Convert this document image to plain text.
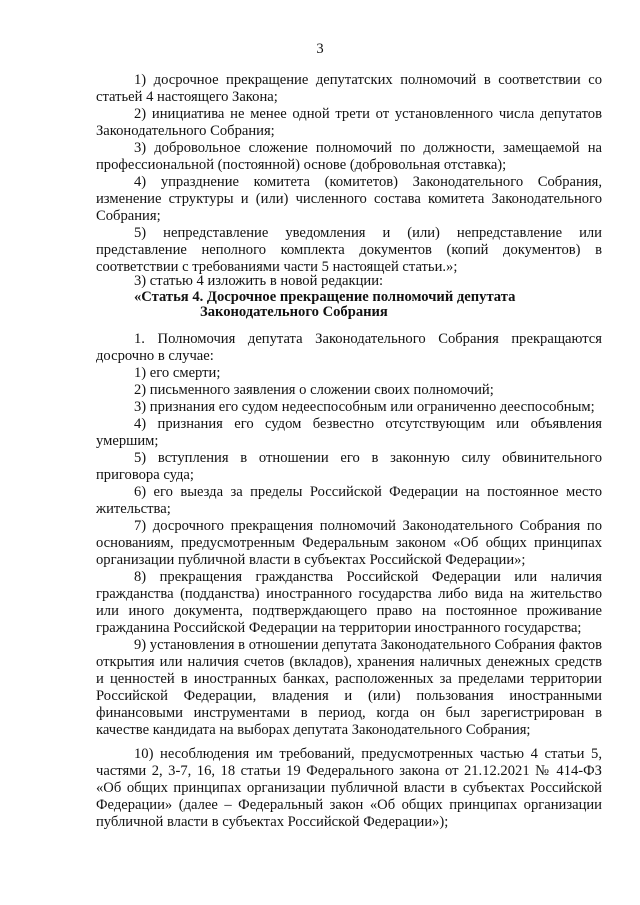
3

1) досрочное прекращение депутатских полномочий в соответствии со статьей 4 настоящего Закона;

2) инициатива не менее одной трети от установленного числа депутатов Законодательного Собрания;

3) добровольное сложение полномочий по должности, замещаемой на профессиональной (постоянной) основе (добровольная отставка);

4) упразднение комитета (комитетов) Законодательного Собрания, изменение структуры и (или) численного состава комитета Законодательного Собрания;

5) непредставление уведомления и (или) непредставление или представление неполного комплекта документов (копий документов) в соответствии с требованиями части 5 настоящей статьи.»;

3) статью 4 изложить в новой редакции:

«Статья 4. Досрочное прекращение полномочий депутата
Законодательного Собрания

1. Полномочия депутата Законодательного Собрания прекращаются досрочно в случае:

1) его смерти;

2) письменного заявления о сложении своих полномочий;

3) признания его судом недееспособным или ограниченно дееспособным;

4) признания его судом безвестно отсутствующим или объявления умершим;

5) вступления в отношении его в законную силу обвинительного приговора суда;

6) его выезда за пределы Российской Федерации на постоянное место жительства;

7) досрочного прекращения полномочий Законодательного Собрания по основаниям, предусмотренным Федеральным законом «Об общих принципах организации публичной власти в субъектах Российской Федерации»;

8) прекращения гражданства Российской Федерации или наличия гражданства (подданства) иностранного государства либо вида на жительство или иного документа, подтверждающего право на постоянное проживание гражданина Российской Федерации на территории иностранного государства;

9) установления в отношении депутата Законодательного Собрания фактов открытия или наличия счетов (вкладов), хранения наличных денежных средств и ценностей в иностранных банках, расположенных за пределами территории Российской Федерации, владения и (или) пользования иностранными финансовыми инструментами в период, когда он был зарегистрирован в качестве кандидата на выборах депутата Законодательного Собрания;

10) несоблюдения им требований, предусмотренных частью 4 статьи 5, частями 2, 3-7, 16, 18 статьи 19 Федерального закона от 21.12.2021 № 414-ФЗ «Об общих принципах организации публичной власти в субъектах Российской Федерации» (далее – Федеральный закон «Об общих принципах организации публичной власти в субъектах Российской Федерации»);
